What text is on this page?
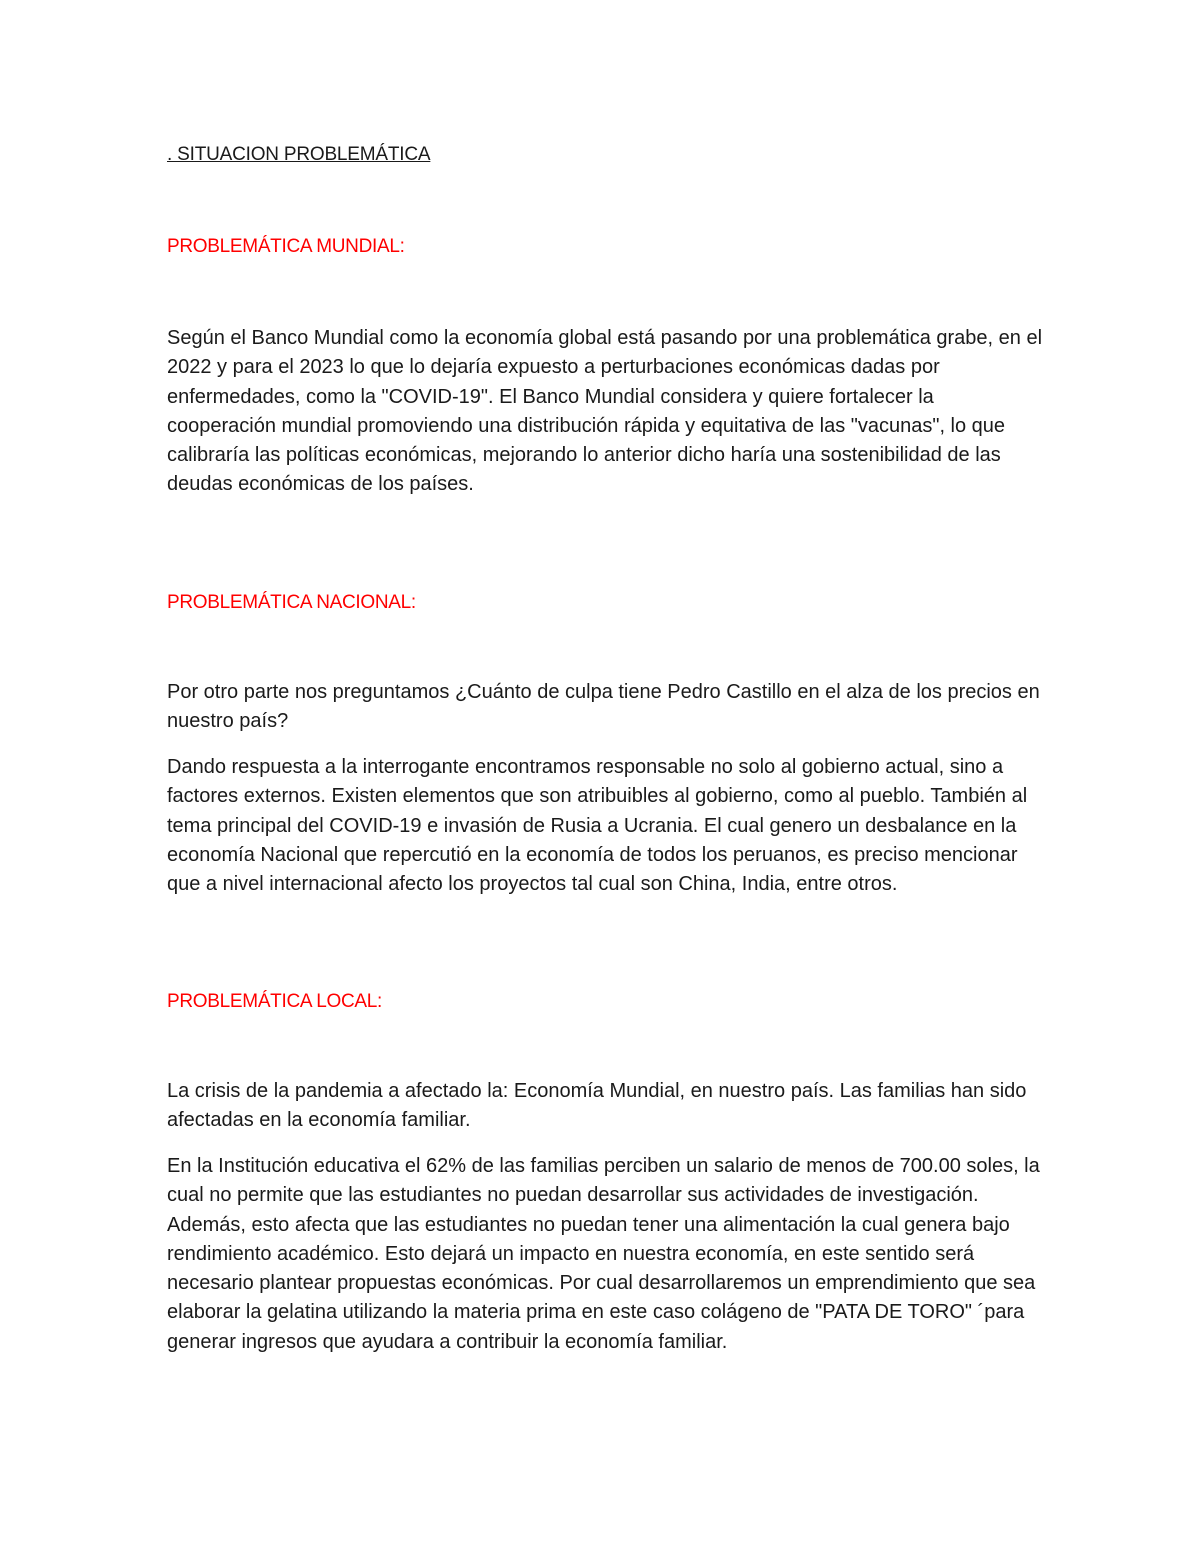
. SITUACION PROBLEMÁTICA
PROBLEMÁTICA MUNDIAL:

Según el Banco Mundial como la economía global está pasando por una problemática grabe, en el 2022 y para el 2023 lo que lo dejaría expuesto a perturbaciones económicas dadas por enfermedades, como la "COVID-19". El Banco Mundial considera y quiere fortalecer la cooperación mundial promoviendo una distribución rápida y equitativa de las "vacunas", lo que calibraría las políticas económicas, mejorando lo anterior dicho haría una sostenibilidad de las deudas económicas de los países.

PROBLEMÁTICA NACIONAL:

Por otro parte nos preguntamos ¿Cuánto de culpa tiene Pedro Castillo en el alza de los precios en nuestro país?

Dando respuesta a la interrogante encontramos responsable no solo al gobierno actual, sino a factores externos. Existen elementos que son atribuibles al gobierno, como al pueblo. También al tema principal del COVID-19 e invasión de Rusia a Ucrania. El cual genero un desbalance en la economía Nacional que repercutió en la economía de todos los peruanos, es preciso mencionar que a nivel internacional afecto los proyectos tal cual son China, India, entre otros.

PROBLEMÁTICA LOCAL:

La crisis de la pandemia a afectado la: Economía Mundial, en nuestro país. Las familias han sido afectadas en la economía familiar.

En la Institución educativa el 62% de las familias perciben un salario de menos de 700.00 soles, la cual no permite que las estudiantes no puedan desarrollar sus actividades de investigación. Además, esto afecta que las estudiantes no puedan tener una alimentación la cual genera bajo rendimiento académico. Esto dejará un impacto en nuestra economía, en este sentido será necesario plantear propuestas económicas. Por cual desarrollaremos un emprendimiento que sea elaborar la gelatina utilizando la materia prima en este caso colágeno de "PATA DE TORO" ´para generar ingresos que ayudara a contribuir la economía familiar.
